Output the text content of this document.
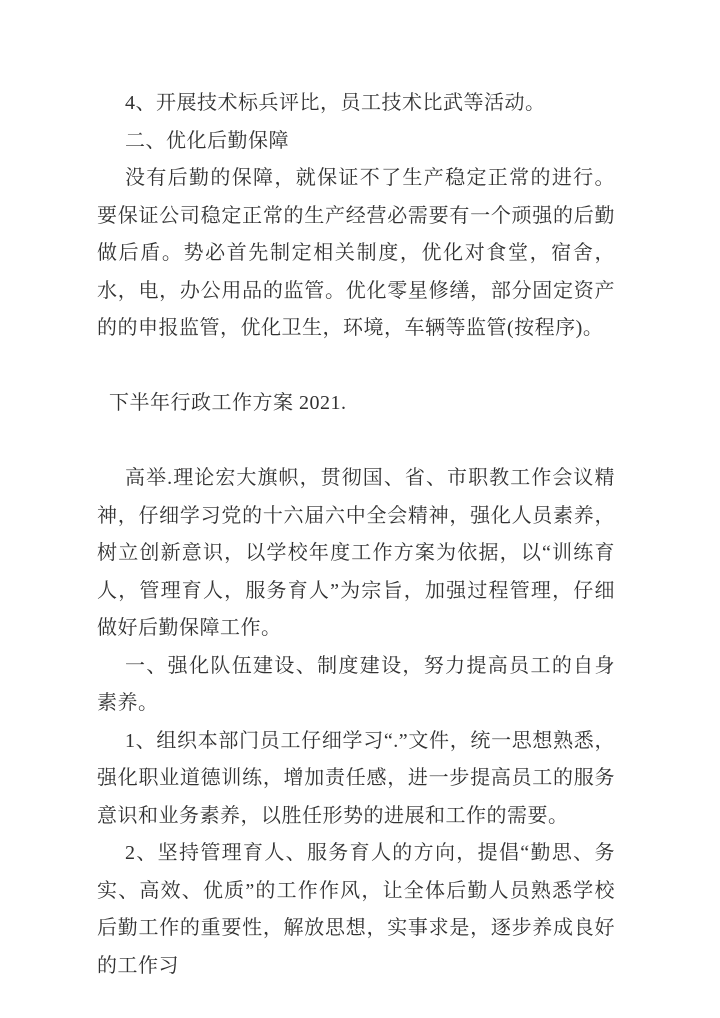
4、开展技术标兵评比，员工技术比武等活动。

二、优化后勤保障

没有后勤的保障，就保证不了生产稳定正常的进行。要保证公司稳定正常的生产经营必需要有一个顽强的后勤做后盾。势必首先制定相关制度，优化对食堂，宿舍，水，电，办公用品的监管。优化零星修缮，部分固定资产的的申报监管，优化卫生，环境，车辆等监管(按程序)。

下半年行政工作方案 2021.

高举.理论宏大旗帜，贯彻国、省、市职教工作会议精神，仔细学习党的十六届六中全会精神，强化人员素养，树立创新意识，以学校年度工作方案为依据，以“训练育人，管理育人，服务育人”为宗旨，加强过程管理，仔细做好后勤保障工作。

一、强化队伍建设、制度建设，努力提高员工的自身素养。

1、组织本部门员工仔细学习“.”文件，统一思想熟悉，强化职业道德训练，增加责任感，进一步提高员工的服务意识和业务素养，以胜任形势的进展和工作的需要。

2、坚持管理育人、服务育人的方向，提倡“勤思、务实、高效、优质”的工作作风，让全体后勤人员熟悉学校后勤工作的重要性，解放思想，实事求是，逐步养成良好的工作习
